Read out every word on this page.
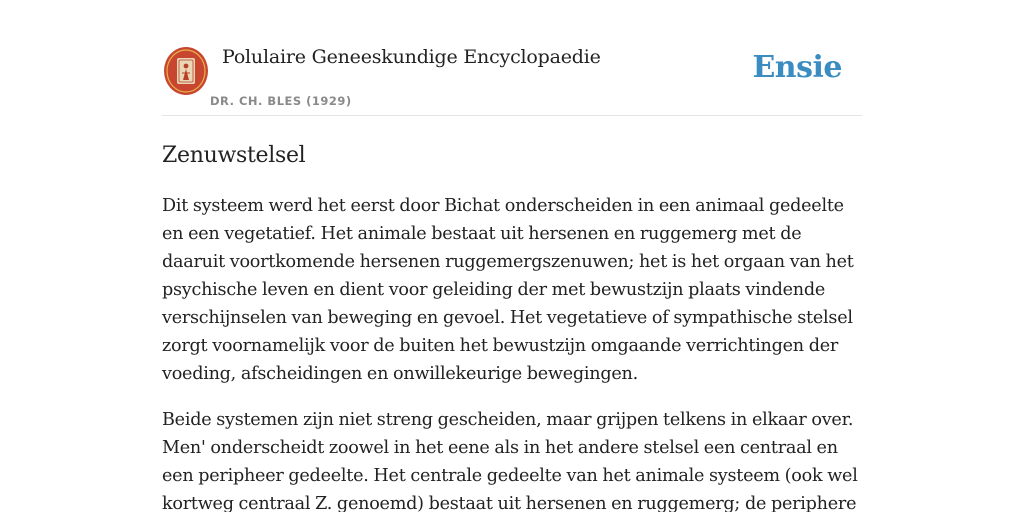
Polulaire Geneeskundige Encyclopaedie
DR. CH. BLES (1929)
Ensie
Zenuwstelsel

Dit systeem werd het eerst door Bichat onderscheiden in een animaal gedeelte en een vegetatief. Het animale bestaat uit hersenen en ruggemerg met de daaruit voortkomende hersenen ruggemergszenuwen; het is het orgaan van het psychische leven en dient voor geleiding der met bewustzijn plaats vindende verschijnselen van beweging en gevoel. Het vegetatieve of sympathische stelsel zorgt voornamelijk voor de buiten het bewustzijn omgaande verrichtingen der voeding, afscheidingen en onwillekeurige bewegingen.

Beide systemen zijn niet streng gescheiden, maar grijpen telkens in elkaar over. Men' onderscheidt zoowel in het eene als in het andere stelsel een centraal en een peripheer gedeelte. Het centrale gedeelte van het animale systeem (ook wel kortweg centraal Z. genoemd) bestaat uit hersenen en ruggemerg; de periphere
